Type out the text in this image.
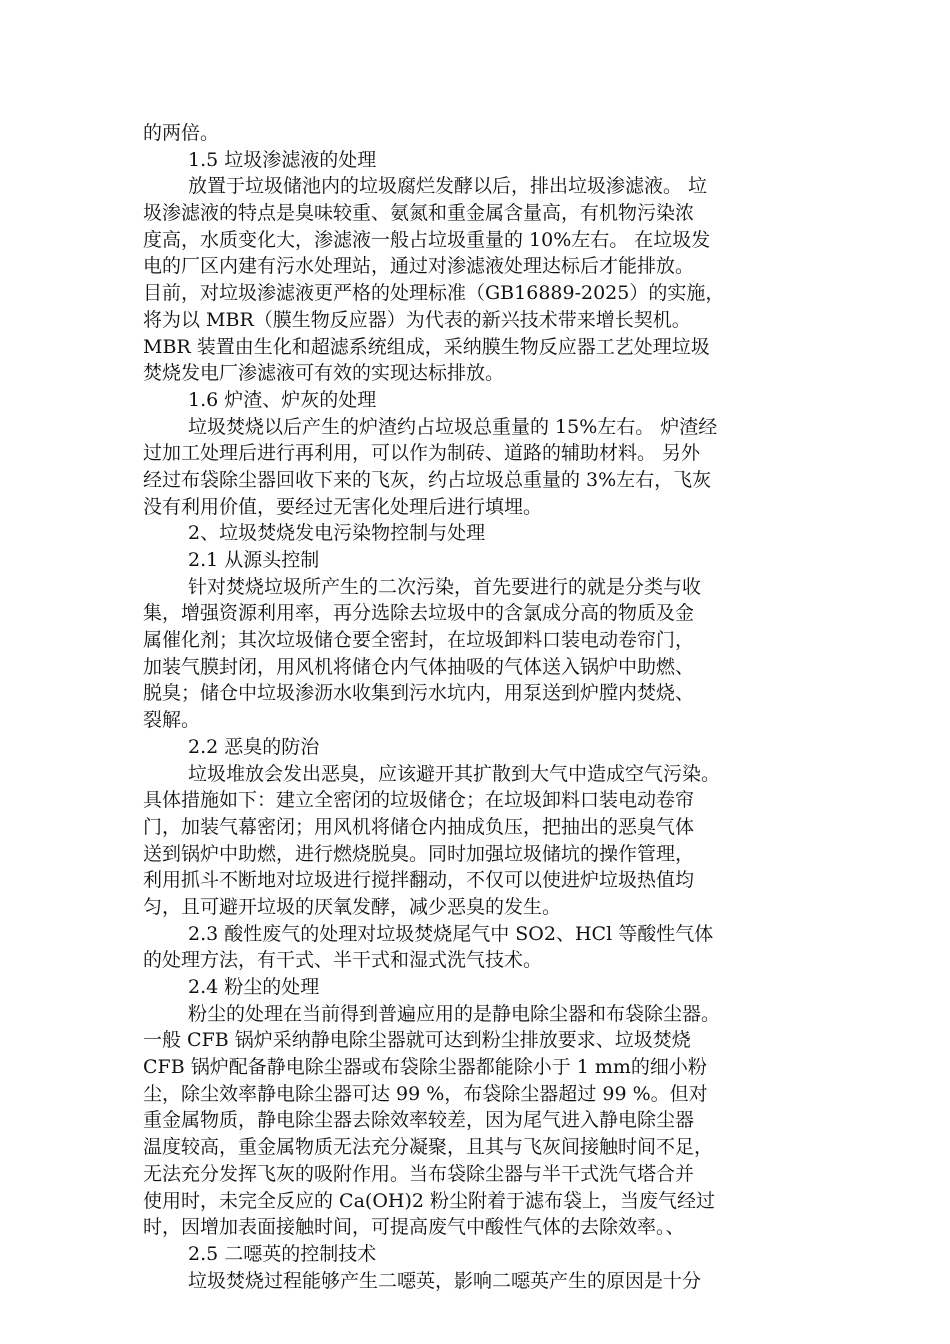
的两倍。
1.5 垃圾渗滤液的处理
放置于垃圾储池内的垃圾腐烂发酵以后，排出垃圾渗滤液。 垃
圾渗滤液的特点是臭味较重、氨氮和重金属含量高，有机物污染浓
度高，水质变化大，渗滤液一般占垃圾重量的 10%左右。 在垃圾发
电的厂区内建有污水处理站，通过对渗滤液处理达标后才能排放。
目前，对垃圾渗滤液更严格的处理标准（GB16889-2025）的实施，
将为以 MBR（膜生物反应器）为代表的新兴技术带来增长契机。
MBR 装置由生化和超滤系统组成，采纳膜生物反应器工艺处理垃圾
焚烧发电厂渗滤液可有效的实现达标排放。
1.6 炉渣、炉灰的处理
垃圾焚烧以后产生的炉渣约占垃圾总重量的 15%左右。 炉渣经
过加工处理后进行再利用，可以作为制砖、道路的辅助材料。 另外
经过布袋除尘器回收下来的飞灰，约占垃圾总重量的 3%左右，飞灰
没有利用价值，要经过无害化处理后进行填埋。
2、垃圾焚烧发电污染物控制与处理
2.1 从源头控制
针对焚烧垃圾所产生的二次污染，首先要进行的就是分类与收
集，增强资源利用率，再分选除去垃圾中的含氯成分高的物质及金
属催化剂；其次垃圾储仓要全密封，在垃圾卸料口装电动卷帘门，
加装气膜封闭，用风机将储仓内气体抽吸的气体送入锅炉中助燃、
脱臭；储仓中垃圾渗沥水收集到污水坑内，用泵送到炉膛内焚烧、
裂解。
2.2 恶臭的防治
垃圾堆放会发出恶臭，应该避开其扩散到大气中造成空气污染。
具体措施如下：建立全密闭的垃圾储仓；在垃圾卸料口装电动卷帘
门，加装气幕密闭；用风机将储仓内抽成负压，把抽出的恶臭气体
送到锅炉中助燃，进行燃烧脱臭。同时加强垃圾储坑的操作管理，
利用抓斗不断地对垃圾进行搅拌翻动，不仅可以使进炉垃圾热值均
匀，且可避开垃圾的厌氧发酵，减少恶臭的发生。
2.3 酸性废气的处理对垃圾焚烧尾气中 SO2、HCl 等酸性气体
的处理方法，有干式、半干式和湿式洗气技术。
2.4 粉尘的处理
粉尘的处理在当前得到普遍应用的是静电除尘器和布袋除尘器。
一般 CFB 锅炉采纳静电除尘器就可达到粉尘排放要求、垃圾焚烧
CFB 锅炉配备静电除尘器或布袋除尘器都能除小于 1 mm的细小粉
尘，除尘效率静电除尘器可达 99 %，布袋除尘器超过 99 %。但对
重金属物质，静电除尘器去除效率较差，因为尾气进入静电除尘器
温度较高，重金属物质无法充分凝聚，且其与飞灰间接触时间不足，
无法充分发挥飞灰的吸附作用。当布袋除尘器与半干式洗气塔合并
使用时，未完全反应的 Ca(OH)2 粉尘附着于滤布袋上，当废气经过
时，因增加表面接触时间，可提高废气中酸性气体的去除效率。、
2.5 二噁英的控制技术
垃圾焚烧过程能够产生二噁英，影响二噁英产生的原因是十分
